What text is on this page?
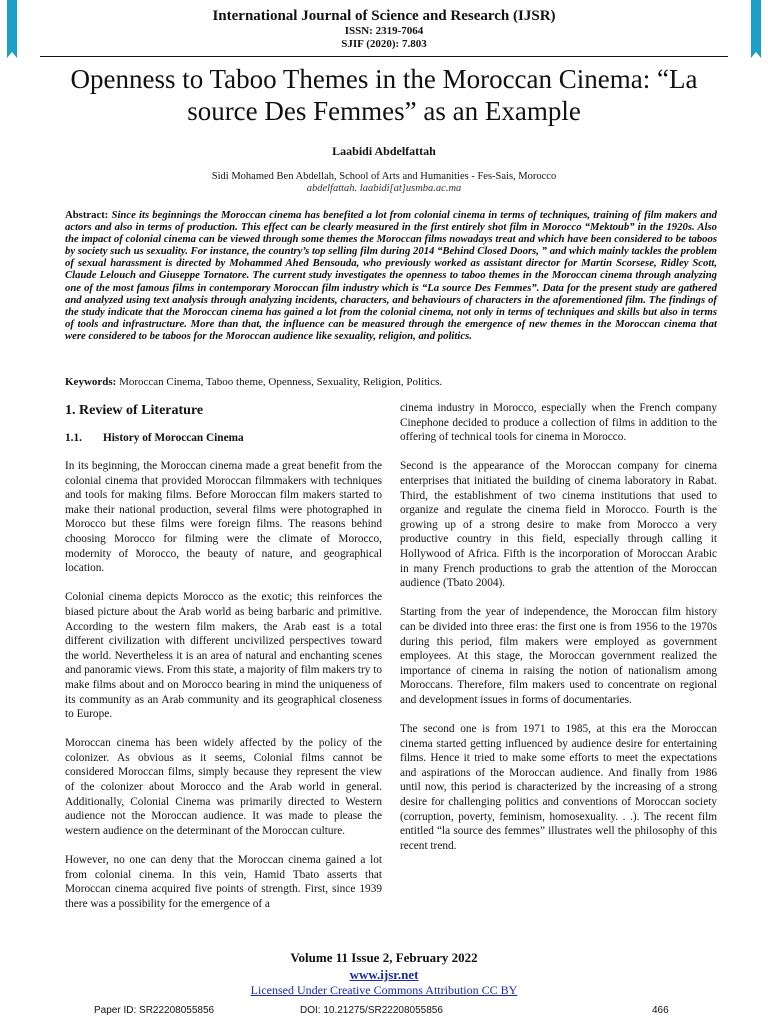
International Journal of Science and Research (IJSR)
ISSN: 2319-7064
SJIF (2020): 7.803
Openness to Taboo Themes in the Moroccan Cinema: “La source Des Femmes” as an Example
Laabidi Abdelfattah
Sidi Mohamed Ben Abdellah, School of Arts and Humanities - Fes-Sais, Morocco
abdelfattah. laabidi[at]usmba.ac.ma

Abstract: Since its beginnings the Moroccan cinema has benefited a lot from colonial cinema in terms of techniques, training of film makers and actors and also in terms of production. This effect can be clearly measured in the first entirely shot film in Morocco “Mektoub” in the 1920s. Also the impact of colonial cinema can be viewed through some themes the Moroccan films nowadays treat and which have been considered to be taboos by society such us sexuality. For instance, the country’s top selling film during 2014 “Behind Closed Doors, ” and which mainly tackles the problem of sexual harassment is directed by Mohammed Ahed Bensouda, who previously worked as assistant director for Martin Scorsese, Ridley Scott, Claude Lelouch and Giuseppe Tornatore. The current study investigates the openness to taboo themes in the Moroccan cinema through analyzing one of the most famous films in contemporary Moroccan film industry which is “La source Des Femmes”. Data for the present study are gathered and analyzed using text analysis through analyzing incidents, characters, and behaviours of characters in the aforementioned film. The findings of the study indicate that the Moroccan cinema has gained a lot from the colonial cinema, not only in terms of techniques and skills but also in terms of tools and infrastructure. More than that, the influence can be measured through the emergence of new themes in the Moroccan cinema that were considered to be taboos for the Moroccan audience like sexuality, religion, and politics.

Keywords: Moroccan Cinema, Taboo theme, Openness, Sexuality, Religion, Politics.

1. Review of Literature
1.1. History of Moroccan Cinema

In its beginning, the Moroccan cinema made a great benefit from the colonial cinema that provided Moroccan filmmakers with techniques and tools for making films. Before Moroccan film makers started to make their national production, several films were photographed in Morocco but these films were foreign films. The reasons behind choosing Morocco for filming were the climate of Morocco, modernity of Morocco, the beauty of nature, and geographical location.

Colonial cinema depicts Morocco as the exotic; this reinforces the biased picture about the Arab world as being barbaric and primitive. According to the western film makers, the Arab east is a total different civilization with different uncivilized perspectives toward the world. Nevertheless it is an area of natural and enchanting scenes and panoramic views. From this state, a majority of film makers try to make films about and on Morocco bearing in mind the uniqueness of its community as an Arab community and its geographical closeness to Europe.

Moroccan cinema has been widely affected by the policy of the colonizer. As obvious as it seems, Colonial films cannot be considered Moroccan films, simply because they represent the view of the colonizer about Morocco and the Arab world in general. Additionally, Colonial Cinema was primarily directed to Western audience not the Moroccan audience. It was made to please the western audience on the determinant of the Moroccan culture.

However, no one can deny that the Moroccan cinema gained a lot from colonial cinema. In this vein, Hamid Tbato asserts that Moroccan cinema acquired five points of strength. First, since 1939 there was a possibility for the emergence of a

cinema industry in Morocco, especially when the French company Cinephone decided to produce a collection of films in addition to the offering of technical tools for cinema in Morocco.

Second is the appearance of the Moroccan company for cinema enterprises that initiated the building of cinema laboratory in Rabat. Third, the establishment of two cinema institutions that used to organize and regulate the cinema field in Morocco. Fourth is the growing up of a strong desire to make from Morocco a very productive country in this field, especially through calling it Hollywood of Africa. Fifth is the incorporation of Moroccan Arabic in many French productions to grab the attention of the Moroccan audience (Tbato 2004).

Starting from the year of independence, the Moroccan film history can be divided into three eras: the first one is from 1956 to the 1970s during this period, film makers were employed as government employees. At this stage, the Moroccan government realized the importance of cinema in raising the notion of nationalism among Moroccans. Therefore, film makers used to concentrate on regional and development issues in forms of documentaries.

The second one is from 1971 to 1985, at this era the Moroccan cinema started getting influenced by audience desire for entertaining films. Hence it tried to make some efforts to meet the expectations and aspirations of the Moroccan audience. And finally from 1986 until now, this period is characterized by the increasing of a strong desire for challenging politics and conventions of Moroccan society (corruption, poverty, feminism, homosexuality. . .). The recent film entitled “la source des femmes” illustrates well the philosophy of this recent trend.

Volume 11 Issue 2, February 2022
www.ijsr.net
Licensed Under Creative Commons Attribution CC BY
Paper ID: SR22208055856	DOI: 10.21275/SR22208055856	466
